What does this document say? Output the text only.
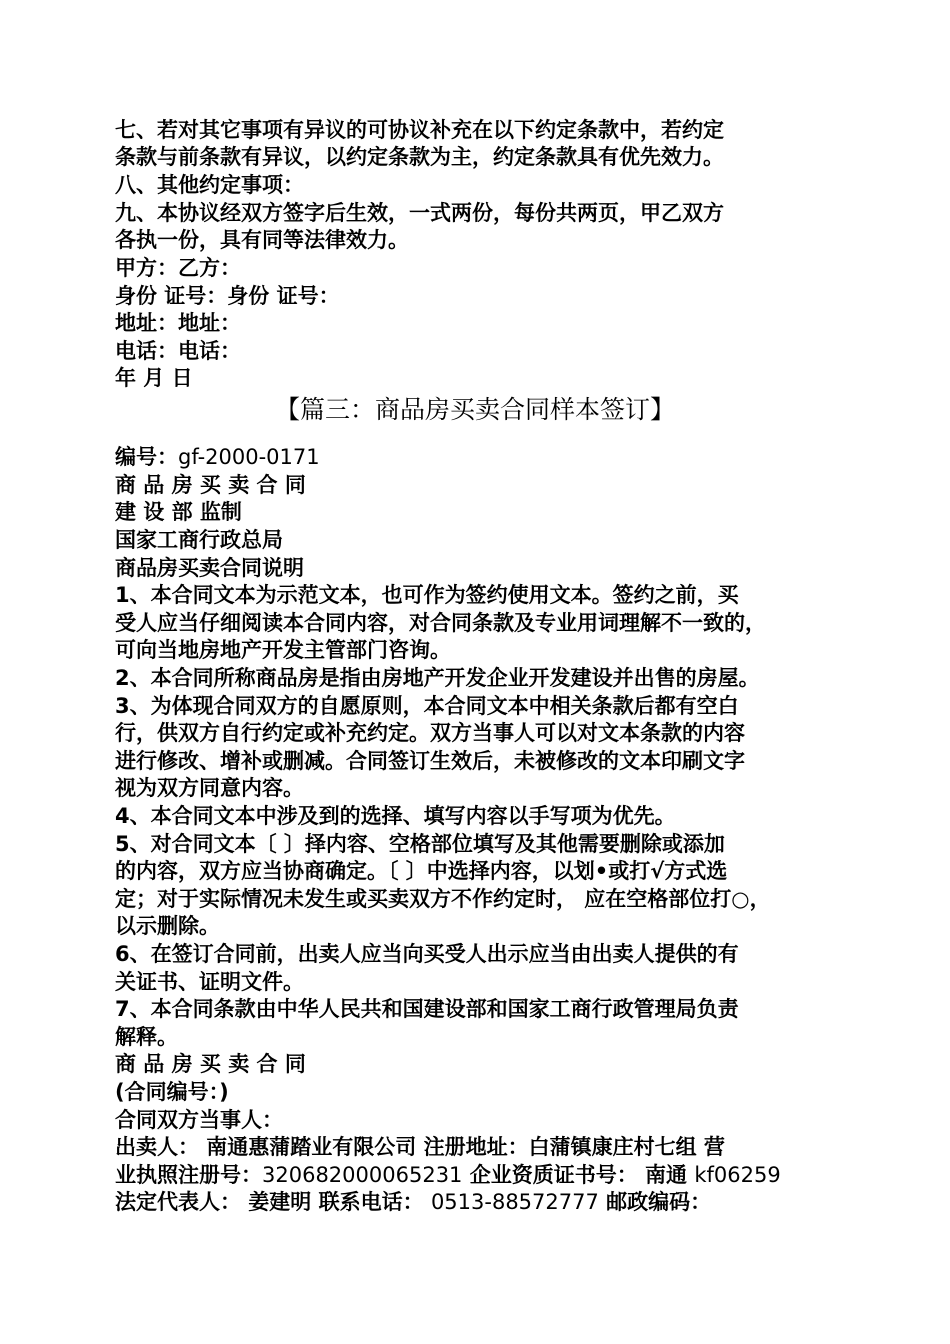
七、若对其它事项有异议的可协议补充在以下约定条款中，若约定
条款与前条款有异议，以约定条款为主，约定条款具有优先效力。
八、其他约定事项：
九、本协议经双方签字后生效，一式两份，每份共两页，甲乙双方
各执一份，具有同等法律效力。
甲方：乙方：
身份 证号：身份 证号：
地址：地址：
电话：电话：
年 月 日
【篇三：商品房买卖合同样本签订】
编号：gf-2000-0171
商 品 房 买 卖 合 同
建 设 部 监制
国家工商行政总局
商品房买卖合同说明
1、本合同文本为示范文本，也可作为签约使用文本。签约之前，买
受人应当仔细阅读本合同内容，对合同条款及专业用词理解不一致的，
可向当地房地产开发主管部门咨询。
2、本合同所称商品房是指由房地产开发企业开发建设并出售的房屋。
3、为体现合同双方的自愿原则，本合同文本中相关条款后都有空白
行，供双方自行约定或补充约定。双方当事人可以对文本条款的内容
进行修改、增补或删减。合同签订生效后，未被修改的文本印刷文字
视为双方同意内容。
4、本合同文本中涉及到的选择、填写内容以手写项为优先。
5、对合同文本〔 〕择内容、空格部位填写及其他需要删除或添加
的内容，双方应当协商确定。〔 〕中选择内容，以划•或打√方式选
定；对于实际情况未发生或买卖双方不作约定时， 应在空格部位打○，
以示删除。
6、在签订合同前，出卖人应当向买受人出示应当由出卖人提供的有
关证书、证明文件。
7、本合同条款由中华人民共和国建设部和国家工商行政管理局负责
解释。
商 品 房 买 卖 合 同
(合同编号：)
合同双方当事人：
出卖人： 南通惠蒲踏业有限公司 注册地址：白蒲镇康庄村七组 营
业执照注册号：320682000065231 企业资质证书号： 南通 kf06259
法定代表人： 姜建明 联系电话： 0513-88572777 邮政编码：
